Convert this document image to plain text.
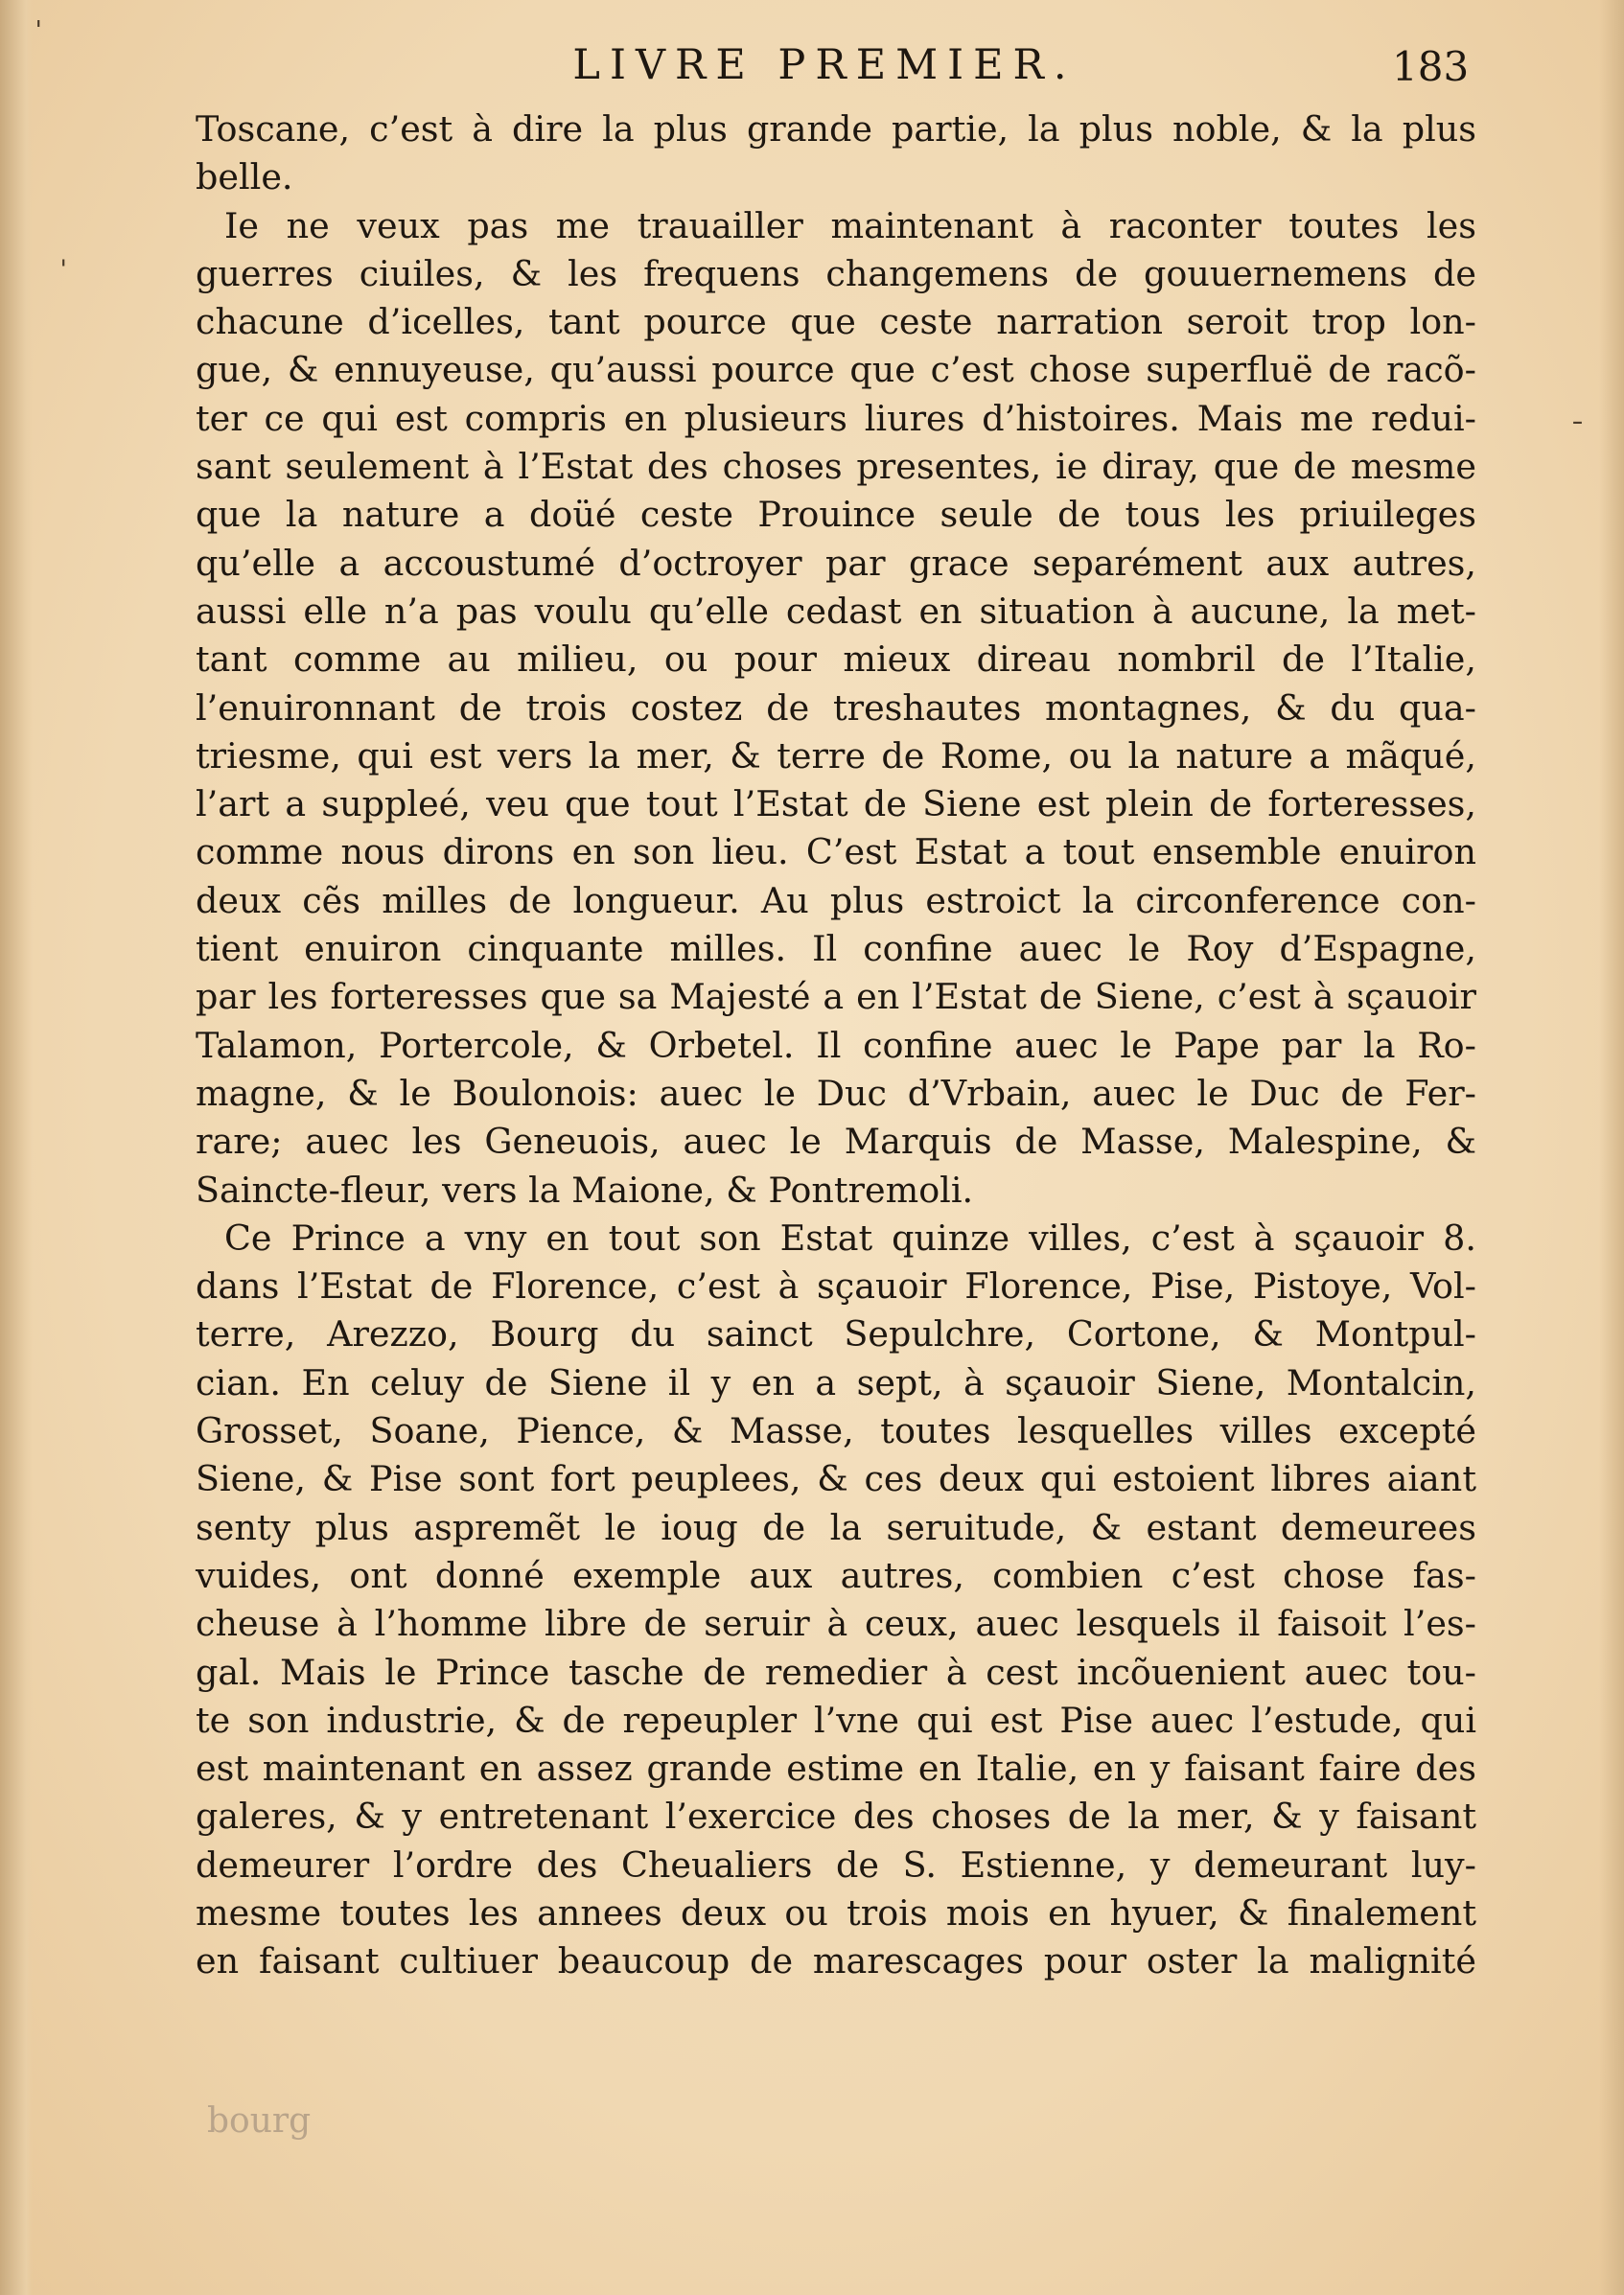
LIVRE PREMIER.	183
Toscane, c’est à dire la plus grande partie, la plus noble, & la plus
belle.
Ie ne veux pas me trauailler maintenant à raconter toutes les
guerres ciuiles, & les frequens changemens de gouuernemens de
chacune d’icelles, tant pource que ceste narration seroit trop lon-
gue, & ennuyeuse, qu’aussi pource que c’est chose superfluë de racõ-
ter ce qui est compris en plusieurs liures d’histoires. Mais me redui-
sant seulement à l’Estat des choses presentes, ie diray, que de mesme
que la nature a doüé ceste Prouince seule de tous les priuileges
qu’elle a accoustumé d’octroyer par grace separément aux autres,
aussi elle n’a pas voulu qu’elle cedast en situation à aucune, la met-
tant comme au milieu, ou pour mieux direau nombril de l’Italie,
l’enuironnant de trois costez de treshautes montagnes, & du qua-
triesme, qui est vers la mer, & terre de Rome, ou la nature a mãqué,
l’art a suppleé, veu que tout l’Estat de Siene est plein de forteresses,
comme nous dirons en son lieu. C’est Estat a tout ensemble enuiron
deux cẽs milles de longueur. Au plus estroict la circonference con-
tient enuiron cinquante milles. Il confine auec le Roy d’Espagne,
par les forteresses que sa Majesté a en l’Estat de Siene, c’est à sçauoir
Talamon, Portercole, & Orbetel. Il confine auec le Pape par la Ro-
magne, & le Boulonois: auec le Duc d’Vrbain, auec le Duc de Fer-
rare; auec les Geneuois, auec le Marquis de Masse, Malespine, &
Saincte-fleur, vers la Maione, & Pontremoli.
Ce Prince a vny en tout son Estat quinze villes, c’est à sçauoir 8.
dans l’Estat de Florence, c’est à sçauoir Florence, Pise, Pistoye, Vol-
terre, Arezzo, Bourg du sainct Sepulchre, Cortone, & Montpul-
cian. En celuy de Siene il y en a sept, à sçauoir Siene, Montalcin,
Grosset, Soane, Pience, & Masse, toutes lesquelles villes excepté
Siene, & Pise sont fort peuplees, & ces deux qui estoient libres aiant
senty plus aspremẽt le ioug de la seruitude, & estant demeurees
vuides, ont donné exemple aux autres, combien c’est chose fas-
cheuse à l’homme libre de seruir à ceux, auec lesquels il faisoit l’es-
gal. Mais le Prince tasche de remedier à cest incõuenient auec tou-
te son industrie, & de repeupler l’vne qui est Pise auec l’estude, qui
est maintenant en assez grande estime en Italie, en y faisant faire des
galeres, & y entretenant l’exercice des choses de la mer, & y faisant
demeurer l’ordre des Cheualiers de S. Estienne, y demeurant luy-
mesme toutes les annees deux ou trois mois en hyuer, & finalement
en faisant cultiuer beaucoup de marescages pour oster la malignité
bourg
ˈ
ˌ
ˉ
